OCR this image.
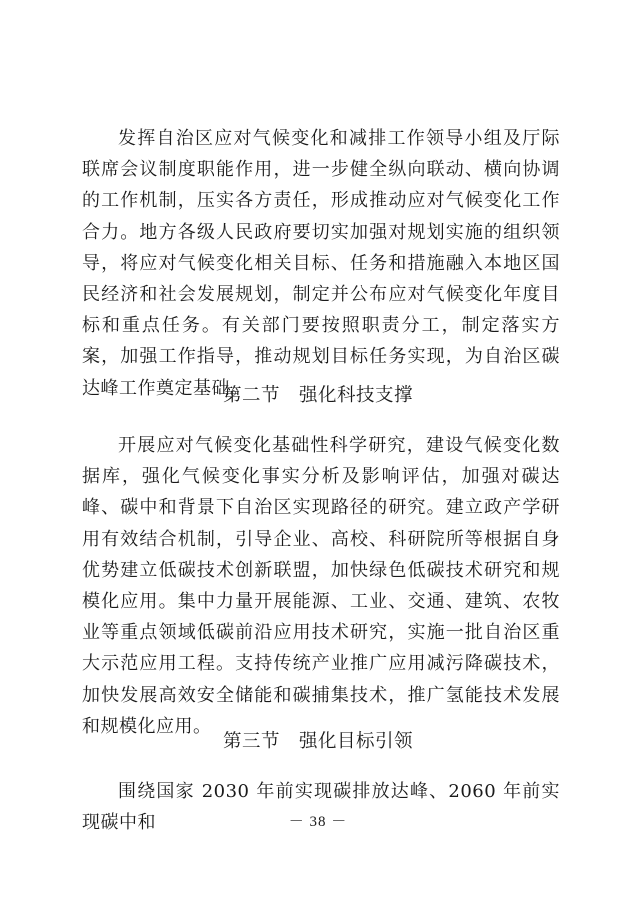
发挥自治区应对气候变化和减排工作领导小组及厅际联席会议制度职能作用，进一步健全纵向联动、横向协调的工作机制，压实各方责任，形成推动应对气候变化工作合力。地方各级人民政府要切实加强对规划实施的组织领导，将应对气候变化相关目标、任务和措施融入本地区国民经济和社会发展规划，制定并公布应对气候变化年度目标和重点任务。有关部门要按照职责分工，制定落实方案，加强工作指导，推动规划目标任务实现，为自治区碳达峰工作奠定基础。

第二节　强化科技支撑

开展应对气候变化基础性科学研究，建设气候变化数据库，强化气候变化事实分析及影响评估，加强对碳达峰、碳中和背景下自治区实现路径的研究。建立政产学研用有效结合机制，引导企业、高校、科研院所等根据自身优势建立低碳技术创新联盟，加快绿色低碳技术研究和规模化应用。集中力量开展能源、工业、交通、建筑、农牧业等重点领域低碳前沿应用技术研究，实施一批自治区重大示范应用工程。支持传统产业推广应用减污降碳技术，加快发展高效安全储能和碳捕集技术，推广氢能技术发展和规模化应用。

第三节　强化目标引领

围绕国家 2030 年前实现碳排放达峰、2060 年前实现碳中和	－ 38 －
